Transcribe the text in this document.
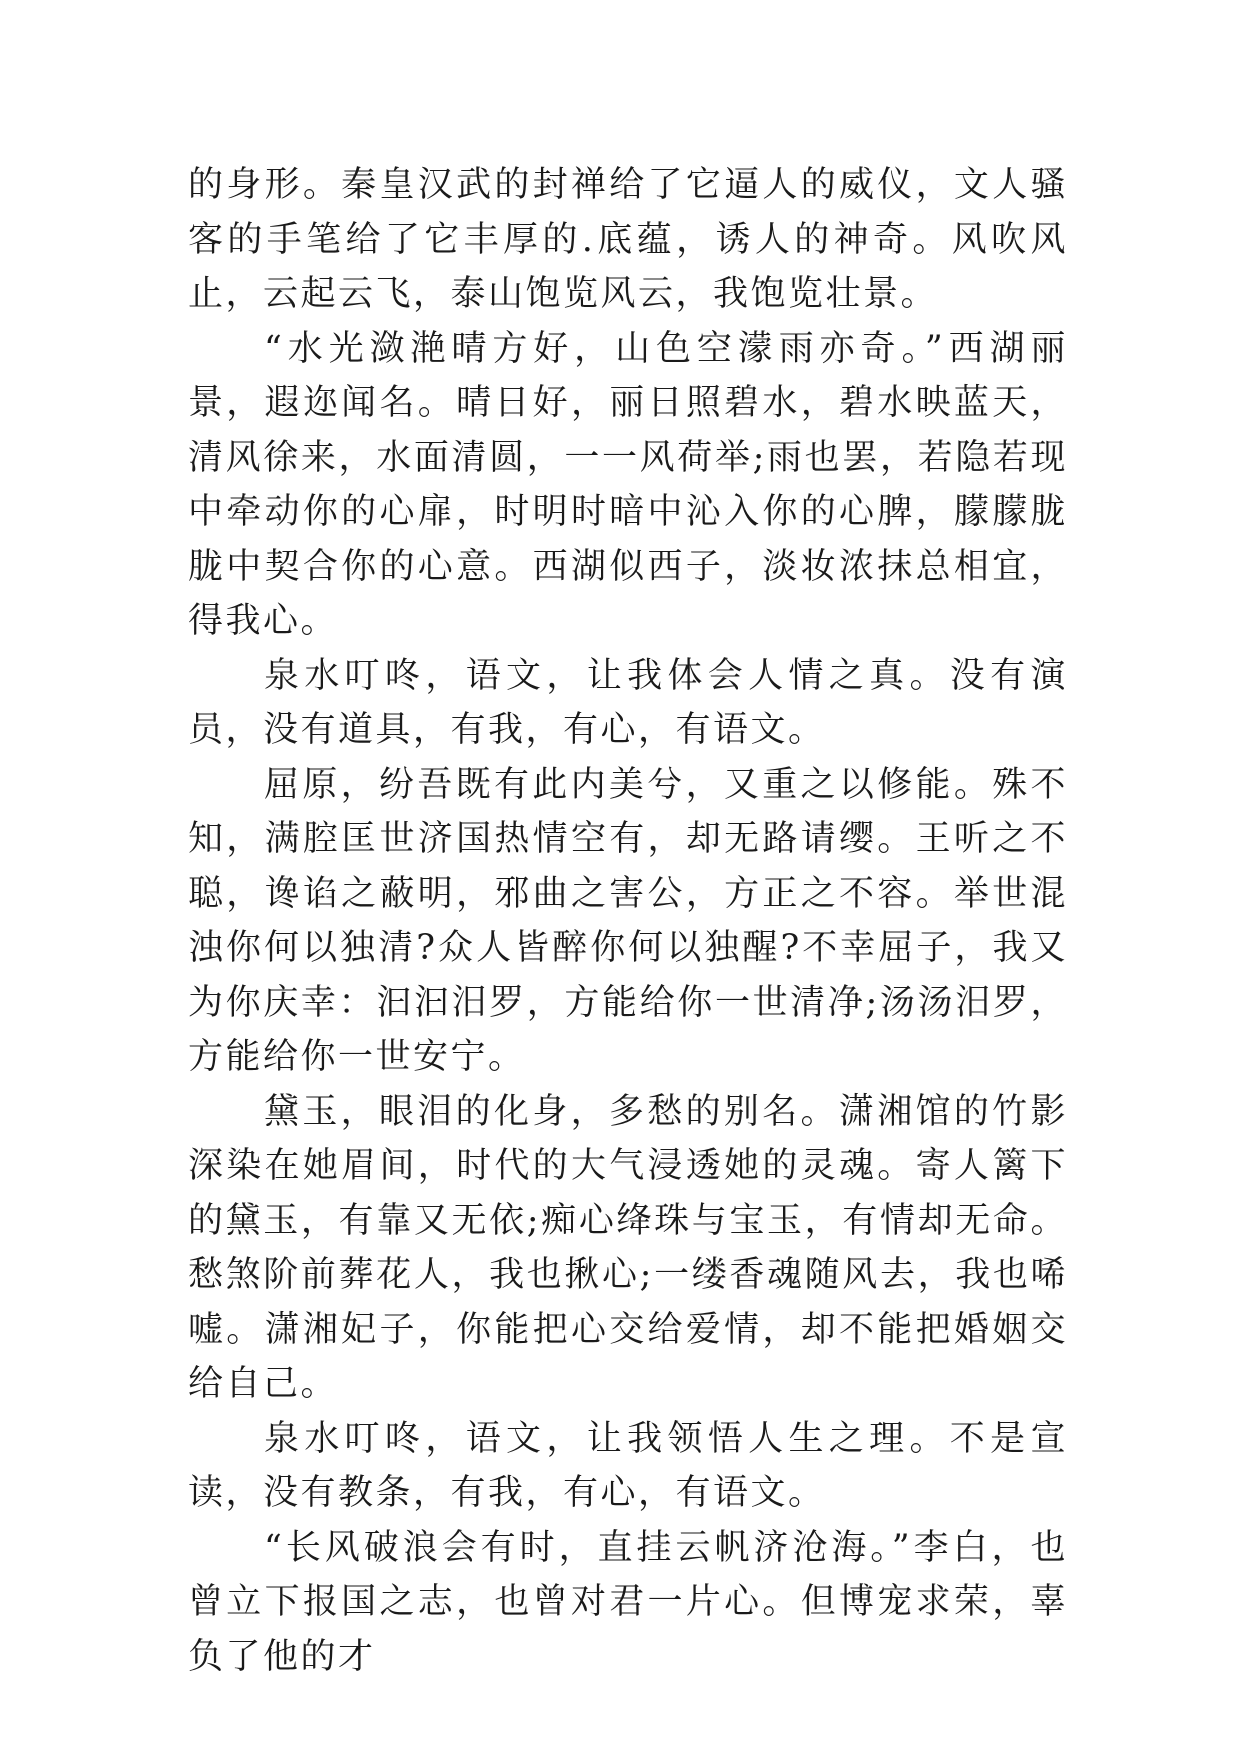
的身形。秦皇汉武的封禅给了它逼人的威仪，文人骚客的手笔给了它丰厚的.底蕴，诱人的神奇。风吹风止，云起云飞，泰山饱览风云，我饱览壮景。

“水光潋滟晴方好，山色空濛雨亦奇。”西湖丽景，遐迩闻名。晴日好，丽日照碧水，碧水映蓝天，清风徐来，水面清圆，一一风荷举;雨也罢，若隐若现中牵动你的心扉，时明时暗中沁入你的心脾，朦朦胧胧中契合你的心意。西湖似西子，淡妆浓抹总相宜，得我心。

泉水叮咚，语文，让我体会人情之真。没有演员，没有道具，有我，有心，有语文。

屈原，纷吾既有此内美兮，又重之以修能。殊不知，满腔匡世济国热情空有，却无路请缨。王听之不聪，谗谄之蔽明，邪曲之害公，方正之不容。举世混浊你何以独清?众人皆醉你何以独醒?不幸屈子，我又为你庆幸：汩汩汨罗，方能给你一世清净;汤汤汨罗，方能给你一世安宁。

黛玉，眼泪的化身，多愁的别名。潇湘馆的竹影深染在她眉间，时代的大气浸透她的灵魂。寄人篱下的黛玉，有靠又无依;痴心绛珠与宝玉，有情却无命。愁煞阶前葬花人，我也揪心;一缕香魂随风去，我也唏嘘。潇湘妃子，你能把心交给爱情，却不能把婚姻交给自己。

泉水叮咚，语文，让我领悟人生之理。不是宣读，没有教条，有我，有心，有语文。

“长风破浪会有时，直挂云帆济沧海。”李白，也曾立下报国之志，也曾对君一片心。但博宠求荣，辜负了他的才
